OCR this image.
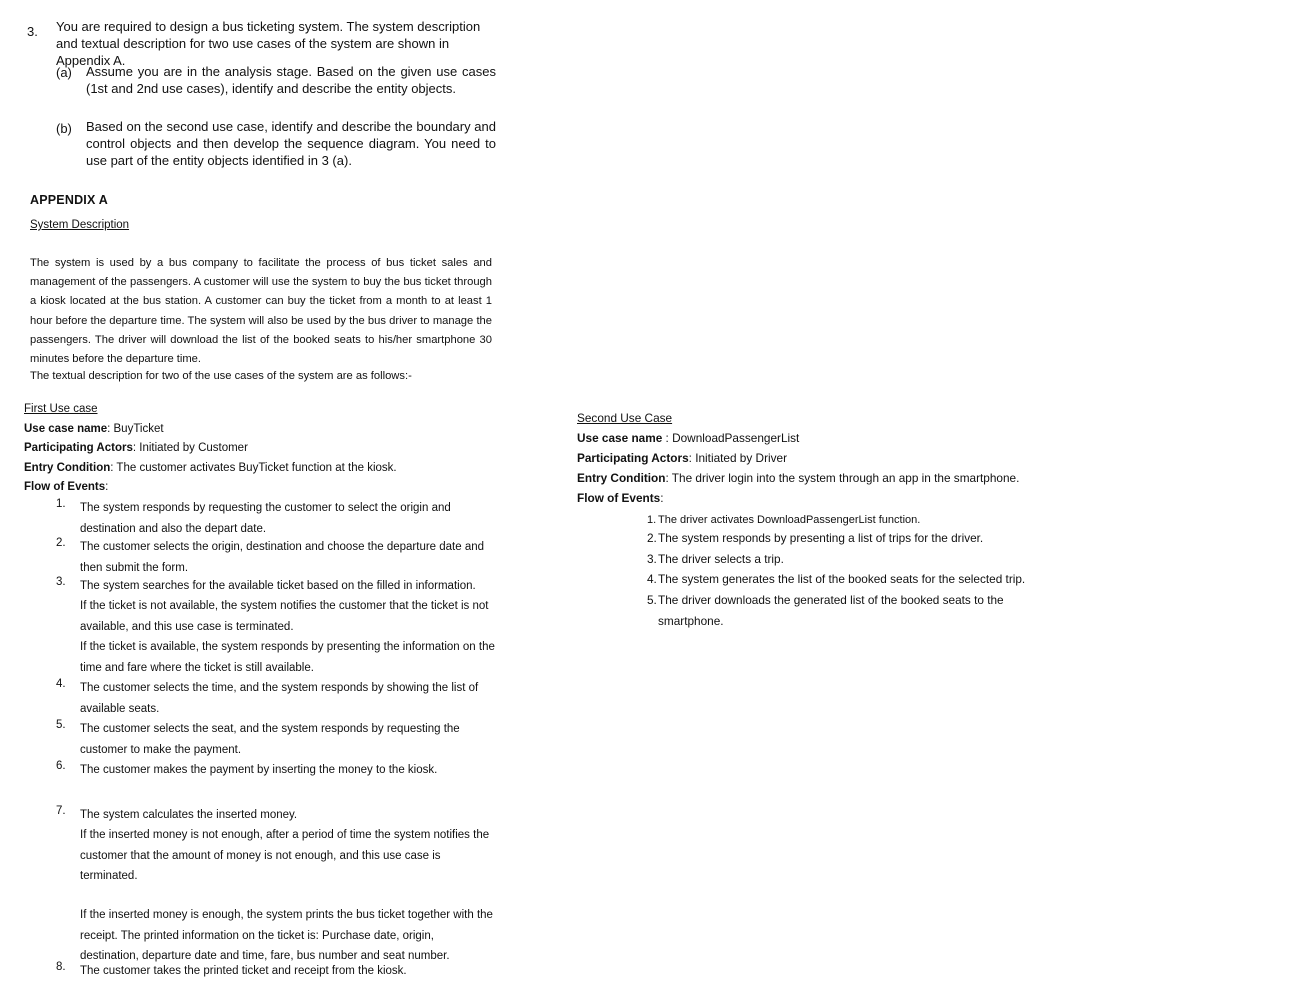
3. You are required to design a bus ticketing system. The system description and textual description for two use cases of the system are shown in Appendix A.
(a) Assume you are in the analysis stage. Based on the given use cases (1st and 2nd use cases), identify and describe the entity objects.
(b) Based on the second use case, identify and describe the boundary and control objects and then develop the sequence diagram. You need to use part of the entity objects identified in 3 (a).
APPENDIX A
System Description
The system is used by a bus company to facilitate the process of bus ticket sales and management of the passengers. A customer will use the system to buy the bus ticket through a kiosk located at the bus station. A customer can buy the ticket from a month to at least 1 hour before the departure time. The system will also be used by the bus driver to manage the passengers. The driver will download the list of the booked seats to his/her smartphone 30 minutes before the departure time.
The textual description for two of the use cases of the system are as follows:-
First Use case
Use case name: BuyTicket
Participating Actors: Initiated by Customer
Entry Condition: The customer activates BuyTicket function at the kiosk.
Flow of Events:
1.	The system responds by requesting the customer to select the origin and destination and also the depart date.
2.	The customer selects the origin, destination and choose the departure date and then submit the form.
3.	The system searches for the available ticket based on the filled in information.
If the ticket is not available, the system notifies the customer that the ticket is not available, and this use case is terminated.
If the ticket is available, the system responds by presenting the information on the time and fare where the ticket is still available.
4.	The customer selects the time, and the system responds by showing the list of available seats.
5.	The customer selects the seat, and the system responds by requesting the customer to make the payment.
6.	The customer makes the payment by inserting the money to the kiosk.
7.	The system calculates the inserted money.
If the inserted money is not enough, after a period of time the system notifies the customer that the amount of money is not enough, and this use case is terminated.
If the inserted money is enough, the system prints the bus ticket together with the receipt. The printed information on the ticket is: Purchase date, origin, destination, departure date and time, fare, bus number and seat number.
8.	The customer takes the printed ticket and receipt from the kiosk.
Second Use Case
Use case name : DownloadPassengerList
Participating Actors: Initiated by Driver
Entry Condition: The driver login into the system through an app in the smartphone.
Flow of Events:
1. The driver activates DownloadPassengerList function.
2. The system responds by presenting a list of trips for the driver.
3. The driver selects a trip.
4. The system generates the list of the booked seats for the selected trip.
5. The driver downloads the generated list of the booked seats to the smartphone.
